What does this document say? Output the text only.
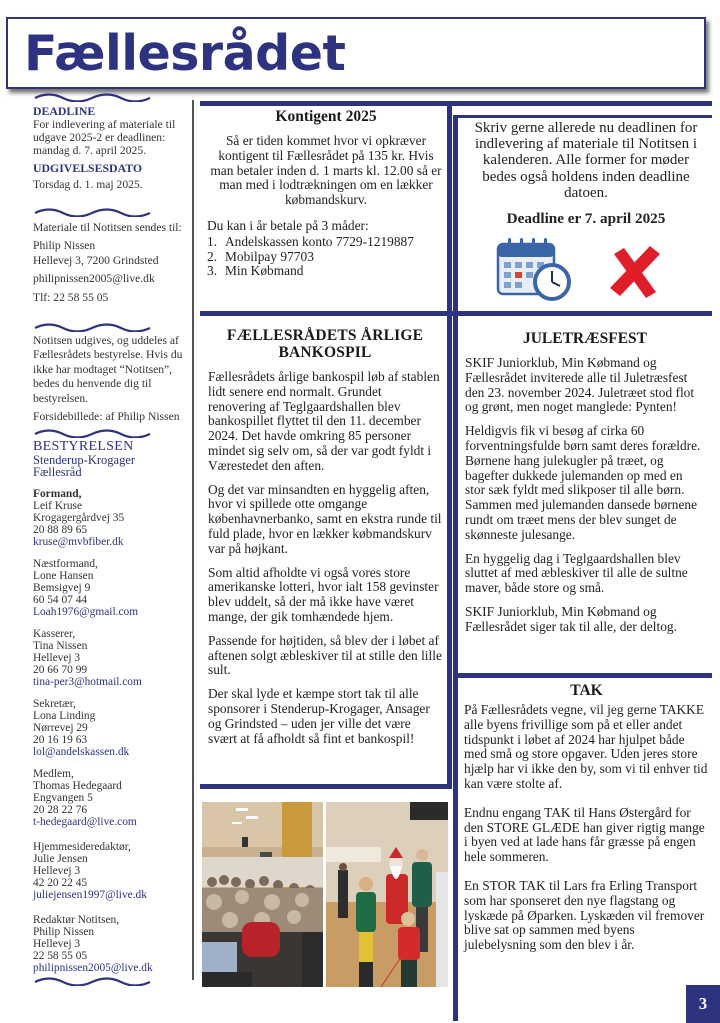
Fællesrådet
DEADLINE
For indlevering af materiale til udgave 2025-2 er deadlinen: mandag d. 7. april 2025.
UDGIVELSESDATO
Torsdag d. 1. maj 2025.
Materiale til Notitsen sendes til:
Philip Nissen
Hellevej 3, 7200 Grindsted
philipnissen2005@live.dk
Tlf: 22 58 55 05
Notitsen udgives, og uddeles af Fællesrådets bestyrelse. Hvis du ikke har modtaget “Notitsen”, bedes du henvende dig til bestyrelsen.
Forsidebillede: af Philip Nissen
BESTYRELSEN
Stenderup-Krogager
Fællesråd
Formand,
Leif Kruse
Krogagergårdvej 35
20 88 89 65
kruse@mvbfiber.dk
Næstformand,
Lone Hansen
Bemsigvej 9
60 54 07 44
Loah1976@gmail.com
Kasserer,
Tina Nissen
Hellevej 3
20 66 70 99
tina-per3@hotmail.com
Sekretær,
Lona Linding
Nørrevej 29
20 16 19 63
lol@andelskassen.dk
Medlem,
Thomas Hedegaard
Engvangen 5
20 28 22 76
t-hedegaard@live.com
Hjemmesideredaktør,
Julie Jensen
Hellevej 3
42 20 22 45
juliejensen1997@live.dk
Redaktør Notitsen,
Philip Nissen
Hellevej 3
22 58 55 05
philipnissen2005@live.dk
Kontigent 2025
Så er tiden kommet hvor vi opkræver kontigent til Fællesrådet på 135 kr. Hvis man betaler inden d. 1 marts kl. 12.00 så er man med i lodtrækningen om en lækker købmandskurv.
Du kan i år betale på 3 måder:
1. Andelskassen konto 7729-1219887
2. Mobilpay 97703
3. Min Købmand
Skriv gerne allerede nu deadlinen for indlevering af materiale til Notitsen i kalenderen. Alle former for møder bedes også holdens inden deadline datoen.
Deadline er 7. april 2025
FÆLLESRÅDETS ÅRLIGE
BANKOSPIL

Fællesrådets årlige bankospil løb af stablen lidt senere end normalt. Grundet renovering af Teglgaardshallen blev bankospillet flyttet til den 11. december 2024. Det havde omkring 85 personer mindet sig selv om, så der var godt fyldt i Værestedet den aften.

Og det var minsandten en hyggelig aften, hvor vi spillede otte omgange københavnerbanko, samt en ekstra runde til fuld plade, hvor en lækker købmandskurv var på højkant.

Som altid afholdte vi også vores store amerikanske lotteri, hvor ialt 158 gevinster blev uddelt, så der må ikke have været mange, der gik tomhændede hjem.

Passende for højtiden, så blev der i løbet af aftenen solgt æbleskiver til at stille den lille sult.

Der skal lyde et kæmpe stort tak til alle sponsorer i Stenderup-Krogager, Ansager og Grindsted – uden jer ville det være svært at få afholdt så fint et bankospil!

JULETRÆSFEST

SKIF Juniorklub, Min Købmand og Fællesrådet inviterede alle til Juletræsfest den 23. november 2024. Juletræet stod flot og grønt, men noget manglede: Pynten!

Heldigvis fik vi besøg af cirka 60 forventningsfulde børn samt deres forældre. Børnene hang julekugler på træet, og bagefter dukkede julemanden op med en stor sæk fyldt med slikposer til alle børn. Sammen med julemanden dansede børnene rundt om træet mens der blev sunget de skønneste julesange.

En hyggelig dag i Teglgaardshallen blev sluttet af med æbleskiver til alle de sultne maver, både store og små.

SKIF Juniorklub, Min Købmand og Fællesrådet siger tak til alle, der deltog.

TAK

På Fællesrådets vegne, vil jeg gerne TAKKE alle byens frivillige som på et eller andet tidspunkt i løbet af 2024 har hjulpet både med små og store opgaver. Uden jeres store hjælp har vi ikke den by, som vi til enhver tid kan være stolte af.

Endnu engang TAK til Hans Østergård for den STORE GLÆDE han giver rigtig mange i byen ved at lade hans får græsse på engen hele sommeren.

En STOR TAK til Lars fra Erling Transport som har sponseret den nye flagstang og lyskæde på Øparken. Lyskæden vil fremover blive sat op sammen med byens julebelysning som den blev i år.

3
